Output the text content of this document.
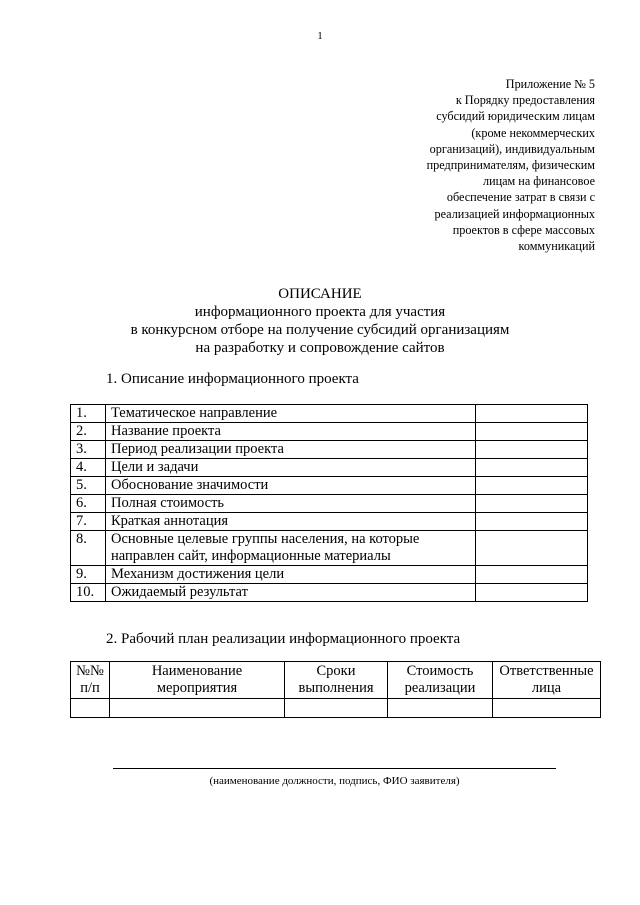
1
Приложение № 5
к Порядку предоставления
субсидий юридическим лицам
(кроме некоммерческих
организаций), индивидуальным
предпринимателям, физическим
лицам на финансовое
обеспечение затрат в связи с
реализацией информационных
проектов в сфере массовых
коммуникаций
ОПИСАНИЕ
информационного проекта для участия
в конкурсном отборе на получение субсидий организациям
на разработку и сопровождение сайтов
1. Описание информационного проекта
1.	Тематическое направление	
2.	Название проекта	
3.	Период реализации проекта	
4.	Цели и задачи	
5.	Обоснование значимости	
6.	Полная стоимость	
7.	Краткая аннотация	
8.	Основные целевые группы населения, на которые направлен сайт, информационные материалы	
9.	Механизм достижения цели	
10.	Ожидаемый результат	
2. Рабочий план реализации информационного проекта
№№ п/п	Наименование мероприятия	Сроки выполнения	Стоимость реализации	Ответственные лица

(наименование должности, подпись, ФИО заявителя)
